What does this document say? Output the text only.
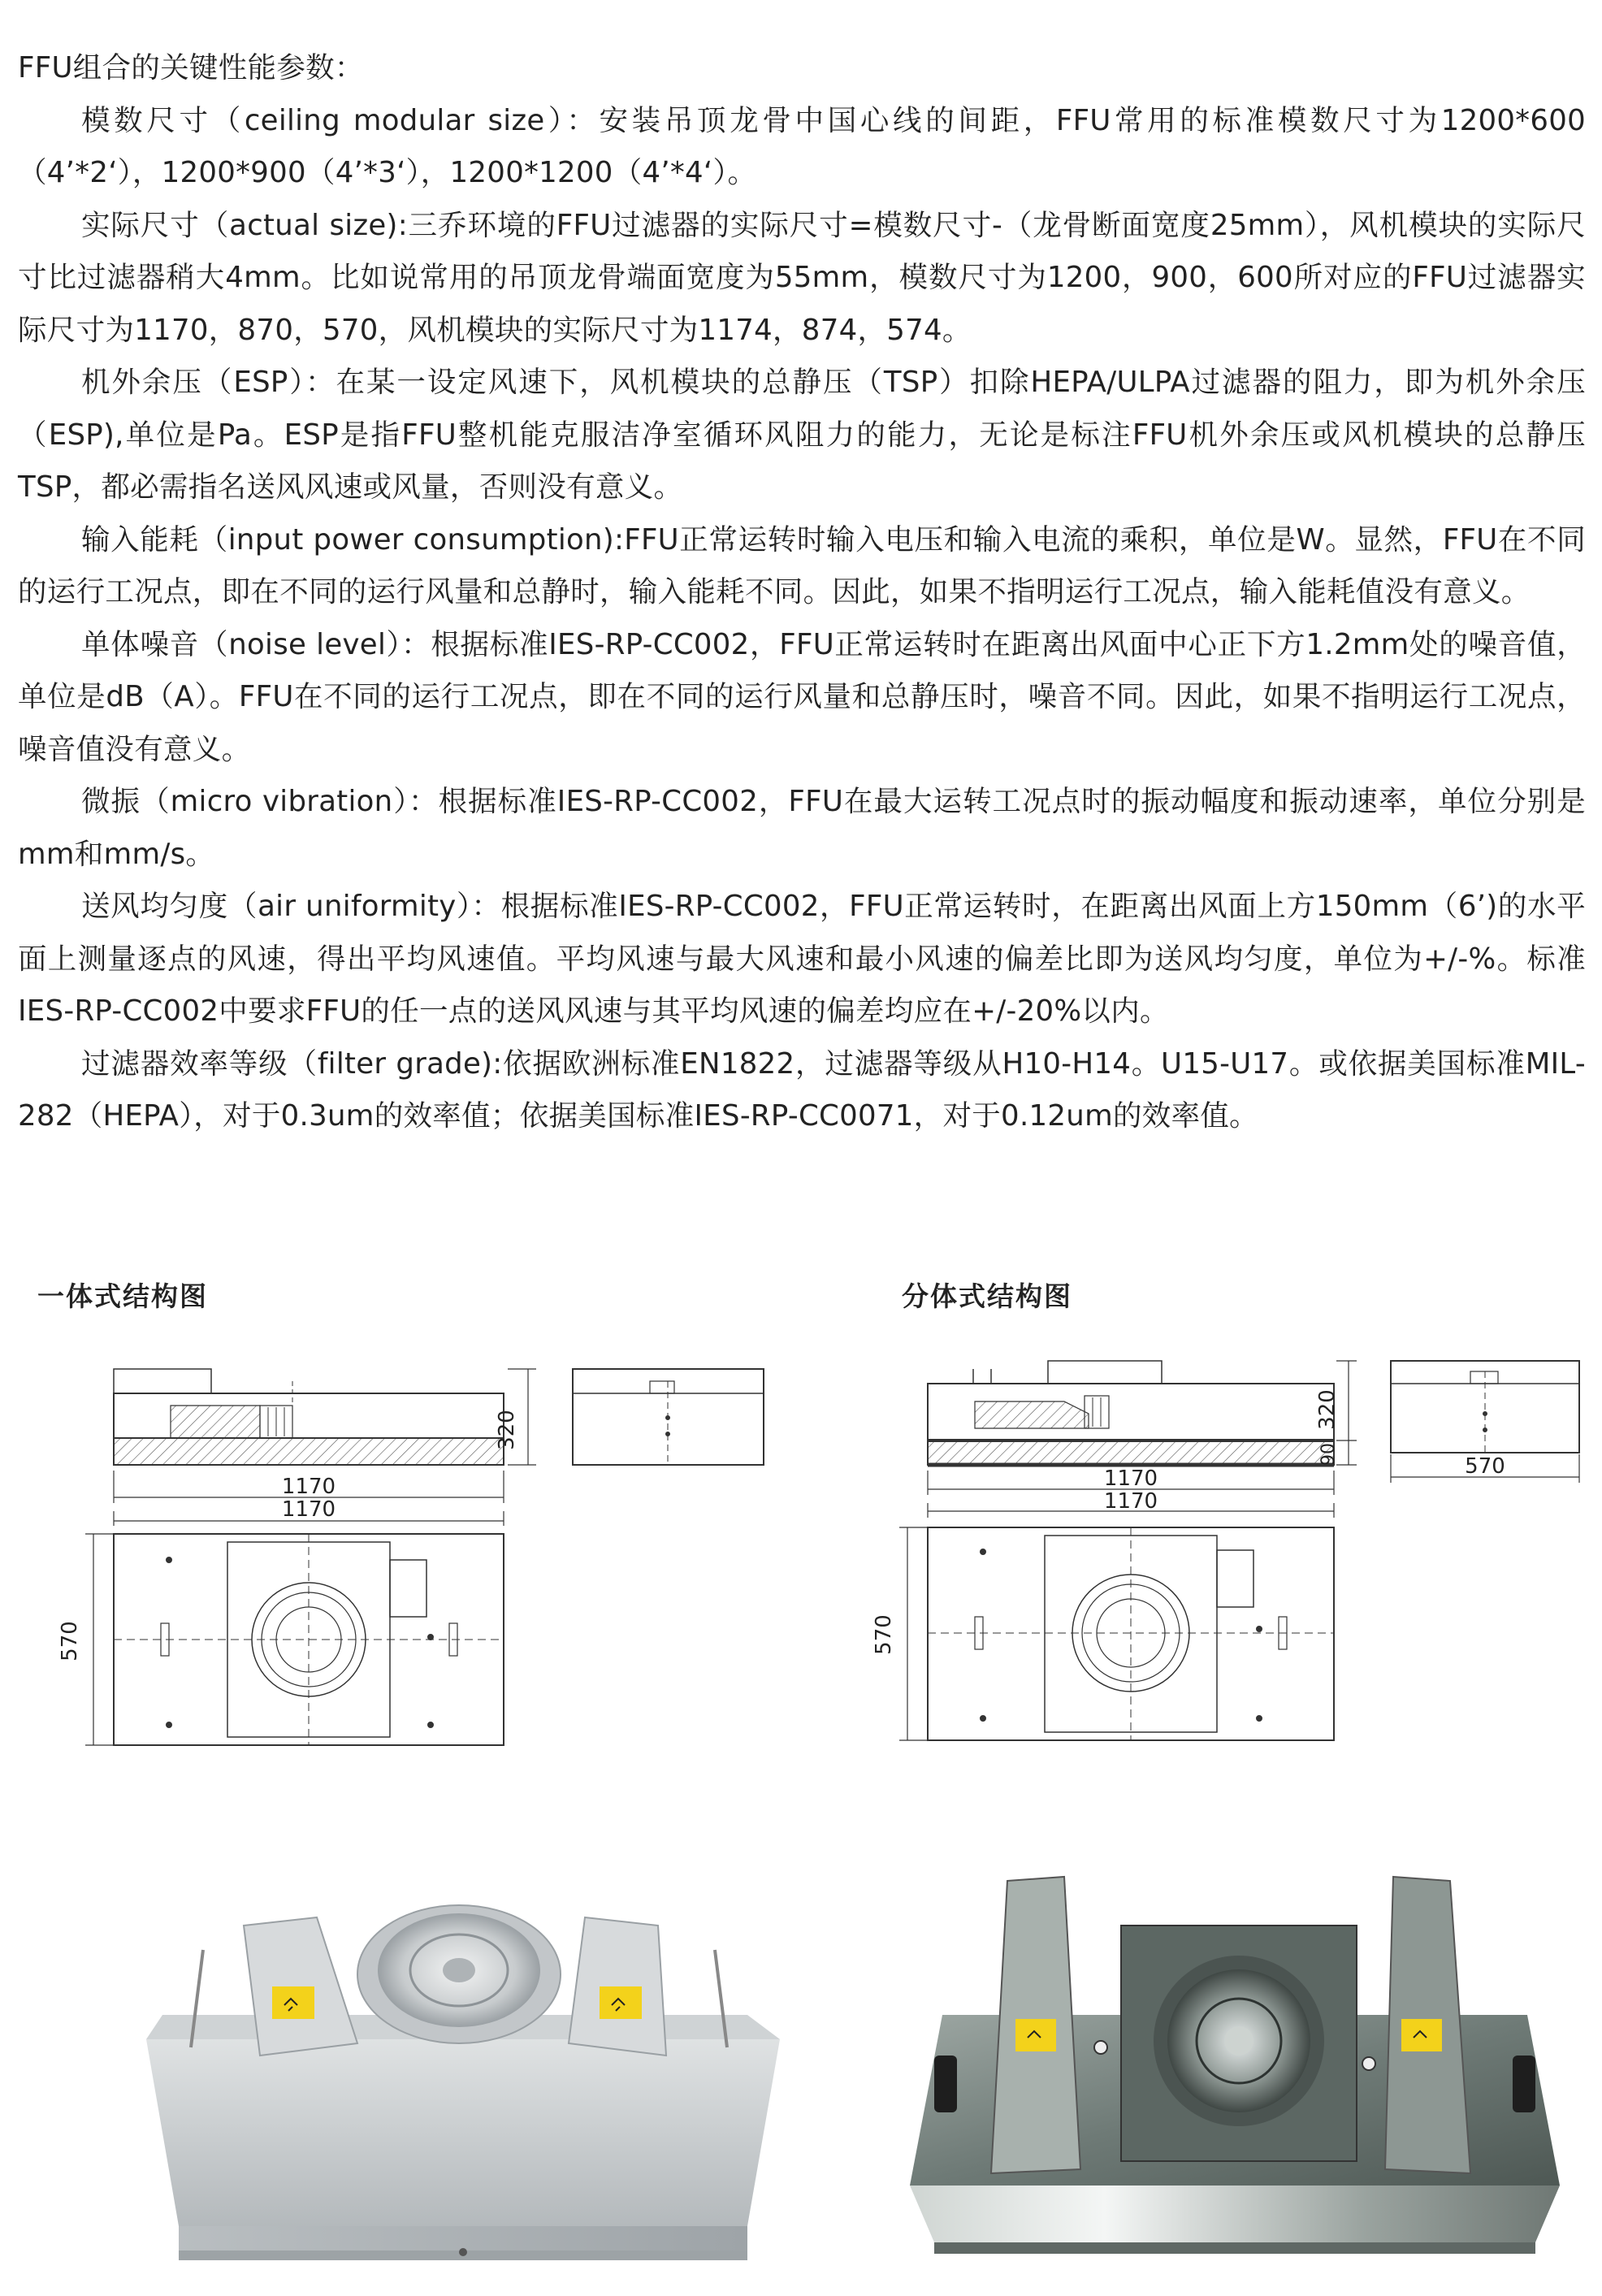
FFU组合的关键性能参数：

模数尺寸（ceiling modular size）：安装吊顶龙骨中国心线的间距，FFU常用的标准模数尺寸为1200*600（4’*2‘），1200*900（4’*3‘），1200*1200（4’*4‘）。

实际尺寸（actual size):三乔环境的FFU过滤器的实际尺寸=模数尺寸-（龙骨断面宽度25mm），风机模块的实际尺寸比过滤器稍大4mm。比如说常用的吊顶龙骨端面宽度为55mm，模数尺寸为1200，900，600所对应的FFU过滤器实际尺寸为1170，870，570，风机模块的实际尺寸为1174，874，574。

机外余压（ESP）：在某一设定风速下，风机模块的总静压（TSP）扣除HEPA/ULPA过滤器的阻力，即为机外余压（ESP),单位是Pa。ESP是指FFU整机能克服洁净室循环风阻力的能力，无论是标注FFU机外余压或风机模块的总静压TSP，都必需指名送风风速或风量，否则没有意义。

输入能耗（input power consumption):FFU正常运转时输入电压和输入电流的乘积，单位是W。显然，FFU在不同的运行工况点，即在不同的运行风量和总静时，输入能耗不同。因此，如果不指明运行工况点，输入能耗值没有意义。

单体噪音（noise level）：根据标准IES-RP-CC002，FFU正常运转时在距离出风面中心正下方1.2mm处的噪音值，单位是dB（A）。FFU在不同的运行工况点，即在不同的运行风量和总静压时，噪音不同。因此，如果不指明运行工况点，噪音值没有意义。

微振（micro vibration）：根据标准IES-RP-CC002，FFU在最大运转工况点时的振动幅度和振动速率，单位分别是mm和mm/s。

送风均匀度（air uniformity）：根据标准IES-RP-CC002，FFU正常运转时，在距离出风面上方150mm（6’)的水平面上测量逐点的风速，得出平均风速值。平均风速与最大风速和最小风速的偏差比即为送风均匀度，单位为+/-%。标准IES-RP-CC002中要求FFU的任一点的送风风速与其平均风速的偏差均应在+/-20%以内。

过滤器效率等级（filter grade):依据欧洲标准EN1822，过滤器等级从H10-H14。U15-U17。或依据美国标准MIL-282（HEPA），对于0.3um的效率值；依据美国标准IES-RP-CC0071，对于0.12um的效率值。

一体式结构图	分体式结构图
320
1170
1170
570
320
90	570
1170
1170
570
